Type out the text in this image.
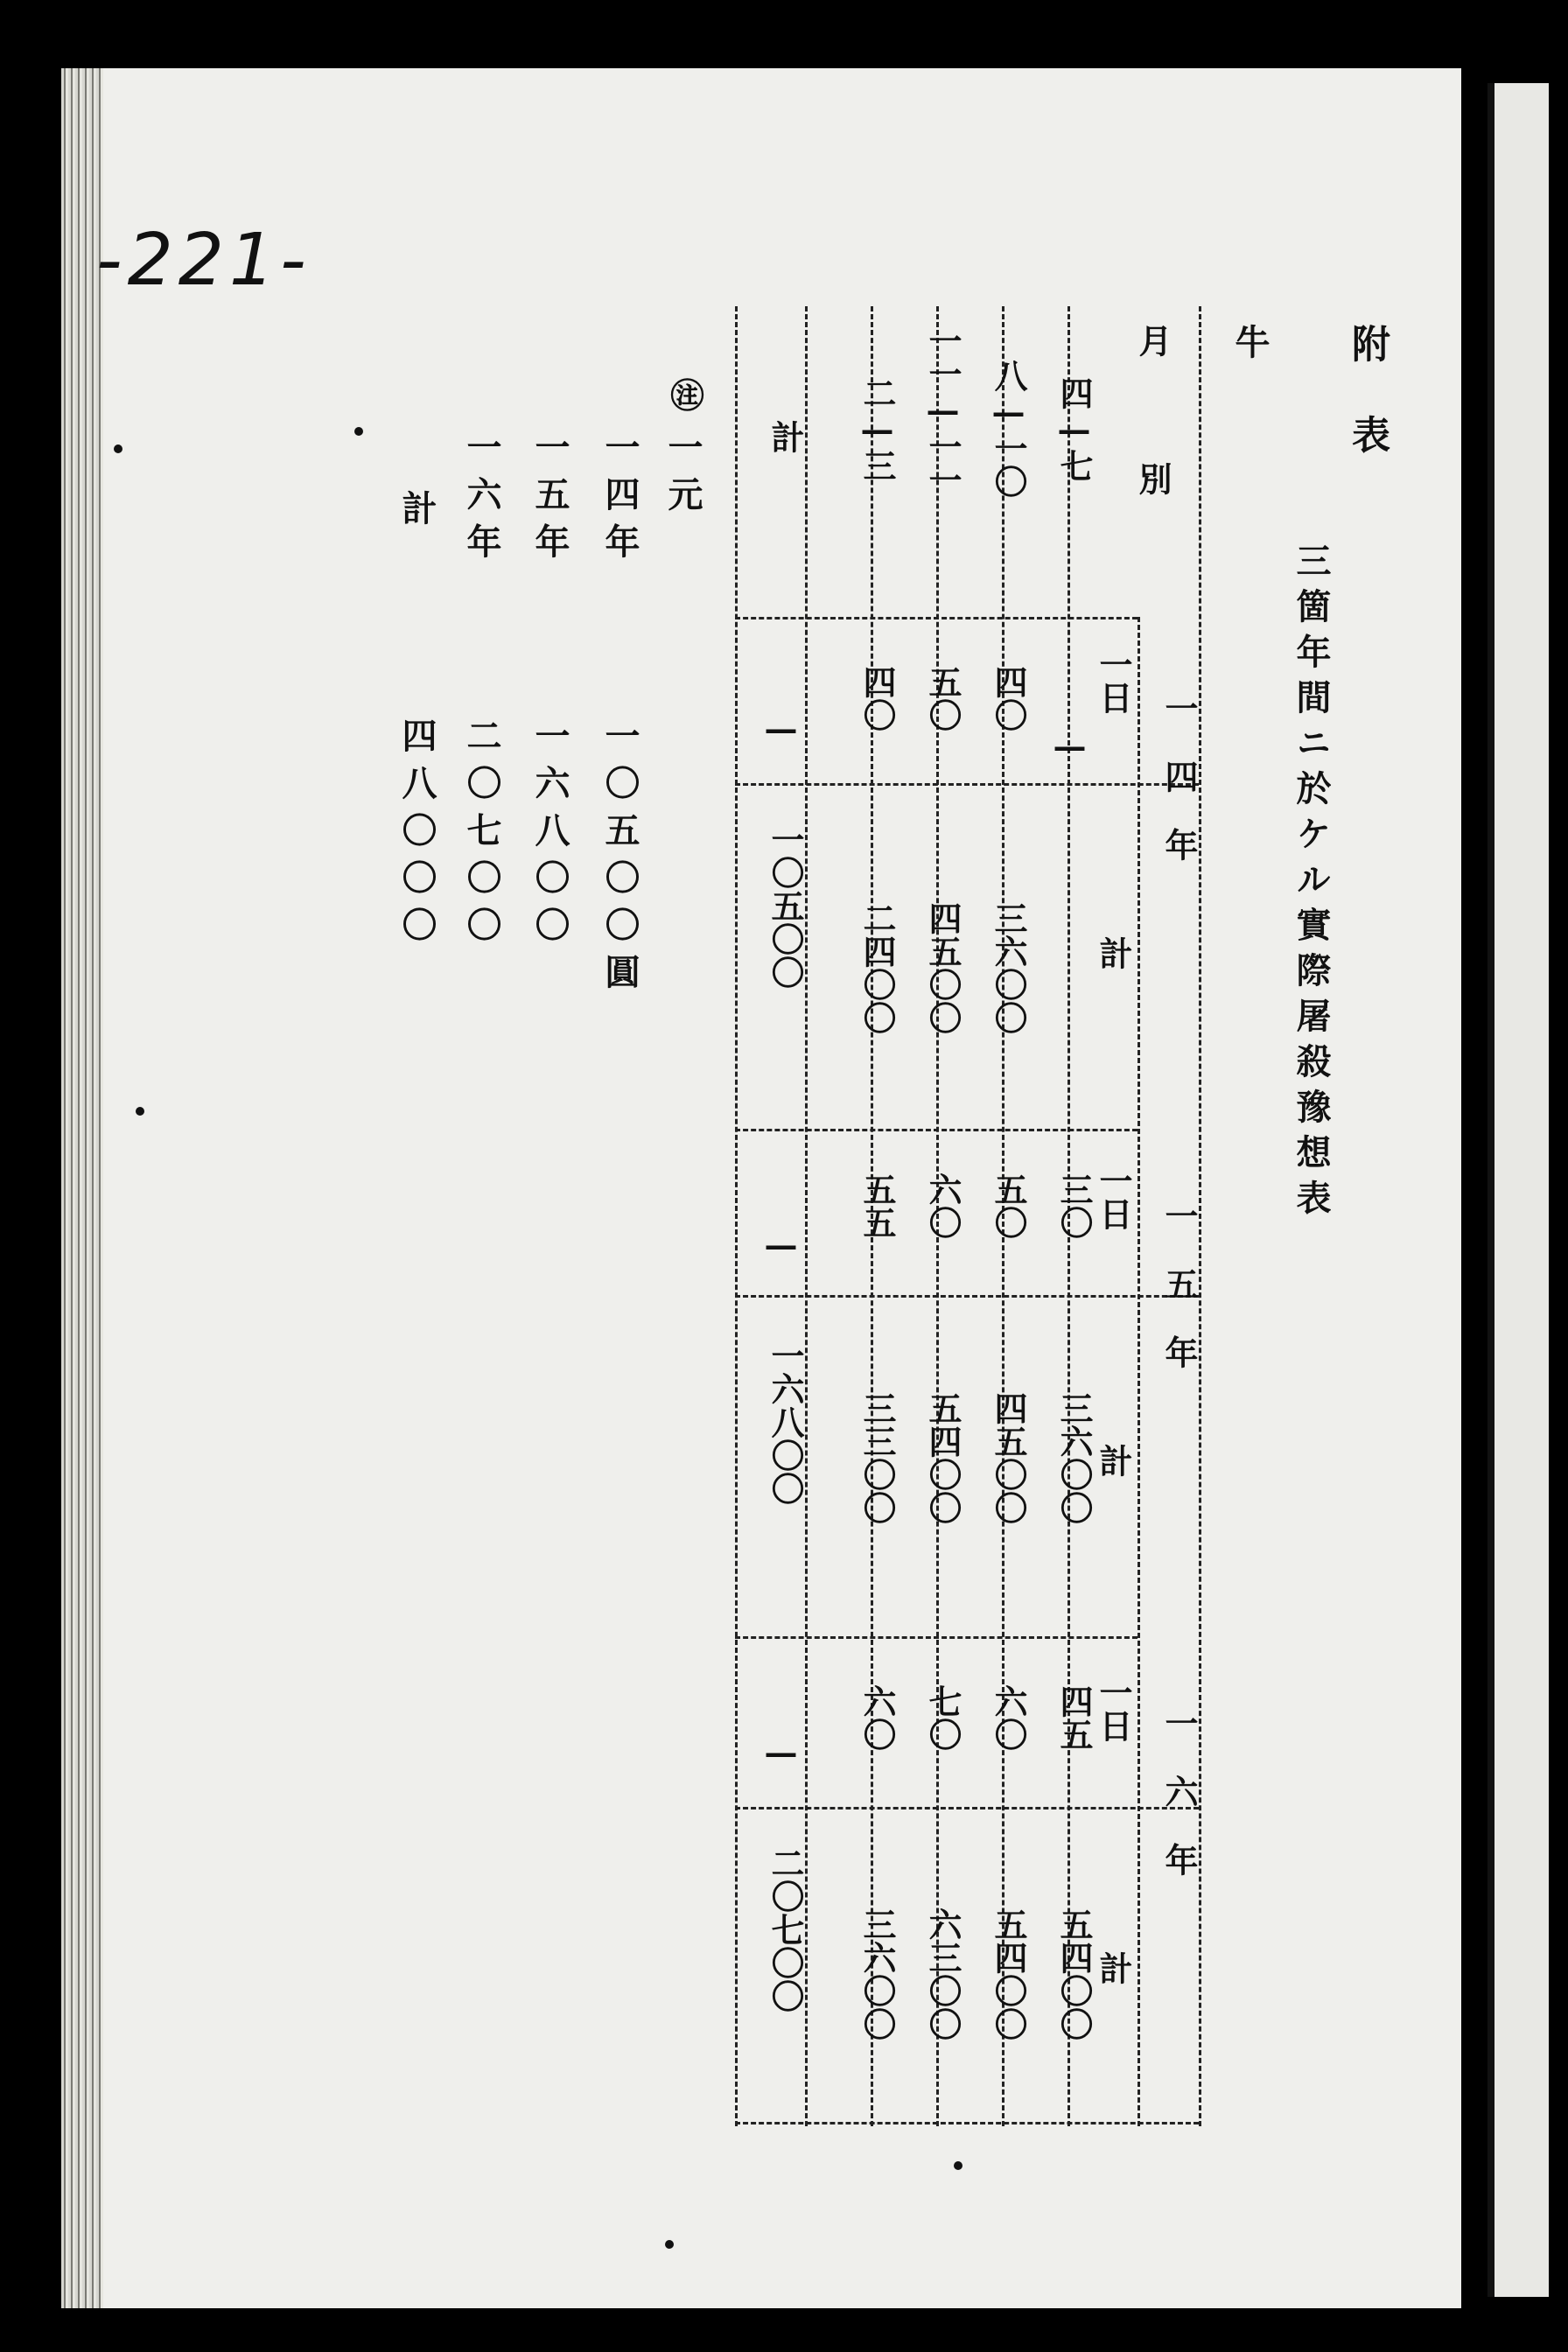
-221-
附表
牛
三箇年間ニ於ケル實際屠殺豫想表
月別
四—七
八—一〇
一一—一一
二—三
計
一四年
一日
計
—
四〇
五〇
四〇
—
三六〇〇
四五〇〇
二四〇〇
一〇五〇〇
一五年
一日
計
三〇
五〇
六〇
五五
—
三六〇〇
四五〇〇
五四〇〇
三三〇〇
一六八〇〇
一六年
一日
計
四五
六〇
七〇
六〇
—
五四〇〇
五四〇〇
六三〇〇
三六〇〇
二〇七〇〇
㊟
一元
一四年
一〇五〇〇圓
一五年
一六八〇〇
一六年
二〇七〇〇
計
四八〇〇〇
